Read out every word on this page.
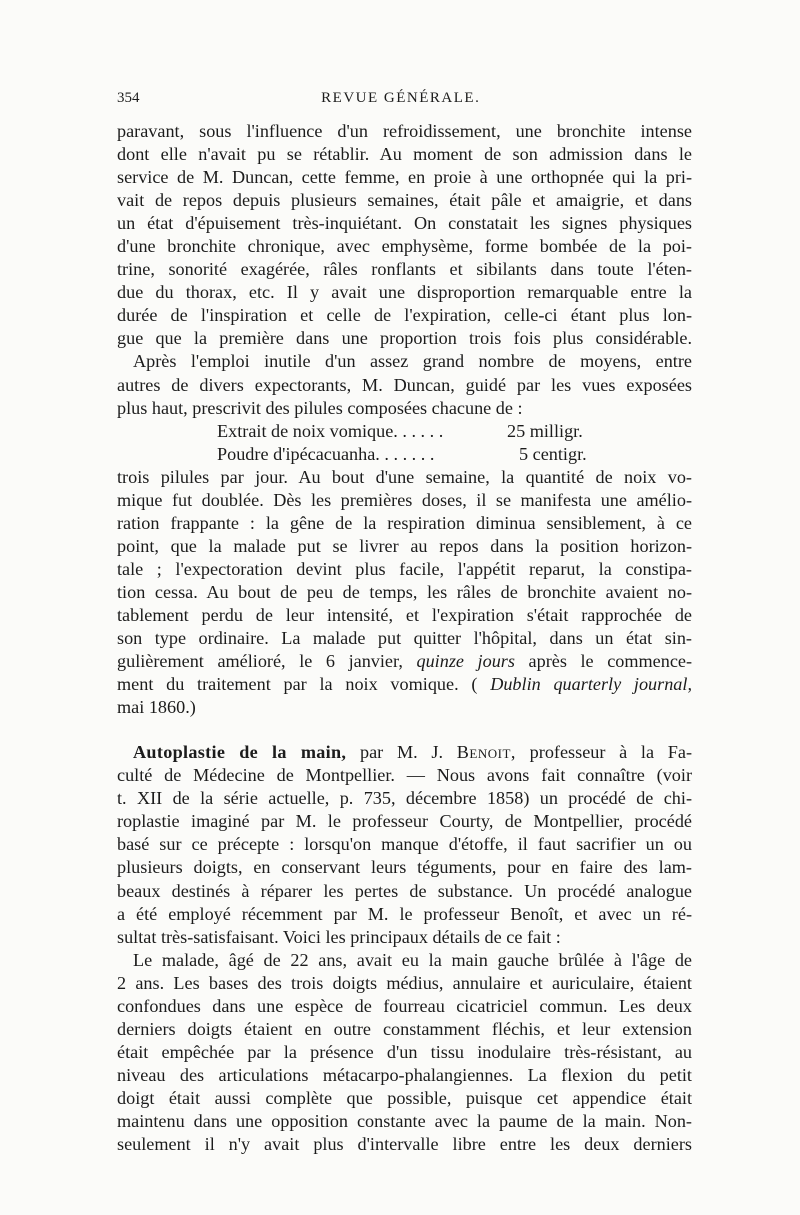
354	REVUE GÉNÉRALE.

paravant, sous l'influence d'un refroidissement, une bronchite intense
dont elle n'avait pu se rétablir. Au moment de son admission dans le
service de M. Duncan, cette femme, en proie à une orthopnée qui la pri-
vait de repos depuis plusieurs semaines, était pâle et amaigrie, et dans
un état d'épuisement très-inquiétant. On constatait les signes physiques
d'une bronchite chronique, avec emphysème, forme bombée de la poi-
trine, sonorité exagérée, râles ronflants et sibilants dans toute l'éten-
due du thorax, etc. Il y avait une disproportion remarquable entre la
durée de l'inspiration et celle de l'expiration, celle-ci étant plus lon-
gue que la première dans une proportion trois fois plus considérable.

Après l'emploi inutile d'un assez grand nombre de moyens, entre
autres de divers expectorants, M. Duncan, guidé par les vues exposées
plus haut, prescrivit des pilules composées chacune de :

Extrait de noix vomique. . . . . .	25 milligr.
Poudre d'ipécacuanha. . . . . . .	5 centigr.

trois pilules par jour. Au bout d'une semaine, la quantité de noix vo-
mique fut doublée. Dès les premières doses, il se manifesta une amélio-
ration frappante : la gêne de la respiration diminua sensiblement, à ce
point, que la malade put se livrer au repos dans la position horizon-
tale ; l'expectoration devint plus facile, l'appétit reparut, la constipa-
tion cessa. Au bout de peu de temps, les râles de bronchite avaient no-
tablement perdu de leur intensité, et l'expiration s'était rapprochée de
son type ordinaire. La malade put quitter l'hôpital, dans un état sin-
gulièrement amélioré, le 6 janvier, quinze jours après le commence-
ment du traitement par la noix vomique. ( Dublin quarterly journal,
mai 1860.)

Autoplastie de la main, par M. J. Benoit, professeur à la Fa-
culté de Médecine de Montpellier. — Nous avons fait connaître (voir
t. XII de la série actuelle, p. 735, décembre 1858) un procédé de chi-
roplastie imaginé par M. le professeur Courty, de Montpellier, procédé
basé sur ce précepte : lorsqu'on manque d'étoffe, il faut sacrifier un ou
plusieurs doigts, en conservant leurs téguments, pour en faire des lam-
beaux destinés à réparer les pertes de substance. Un procédé analogue
a été employé récemment par M. le professeur Benoît, et avec un ré-
sultat très-satisfaisant. Voici les principaux détails de ce fait :

Le malade, âgé de 22 ans, avait eu la main gauche brûlée à l'âge de
2 ans. Les bases des trois doigts médius, annulaire et auriculaire, étaient
confondues dans une espèce de fourreau cicatriciel commun. Les deux
derniers doigts étaient en outre constamment fléchis, et leur extension
était empêchée par la présence d'un tissu inodulaire très-résistant, au
niveau des articulations métacarpo-phalangiennes. La flexion du petit
doigt était aussi complète que possible, puisque cet appendice était
maintenu dans une opposition constante avec la paume de la main. Non-
seulement il n'y avait plus d'intervalle libre entre les deux derniers
